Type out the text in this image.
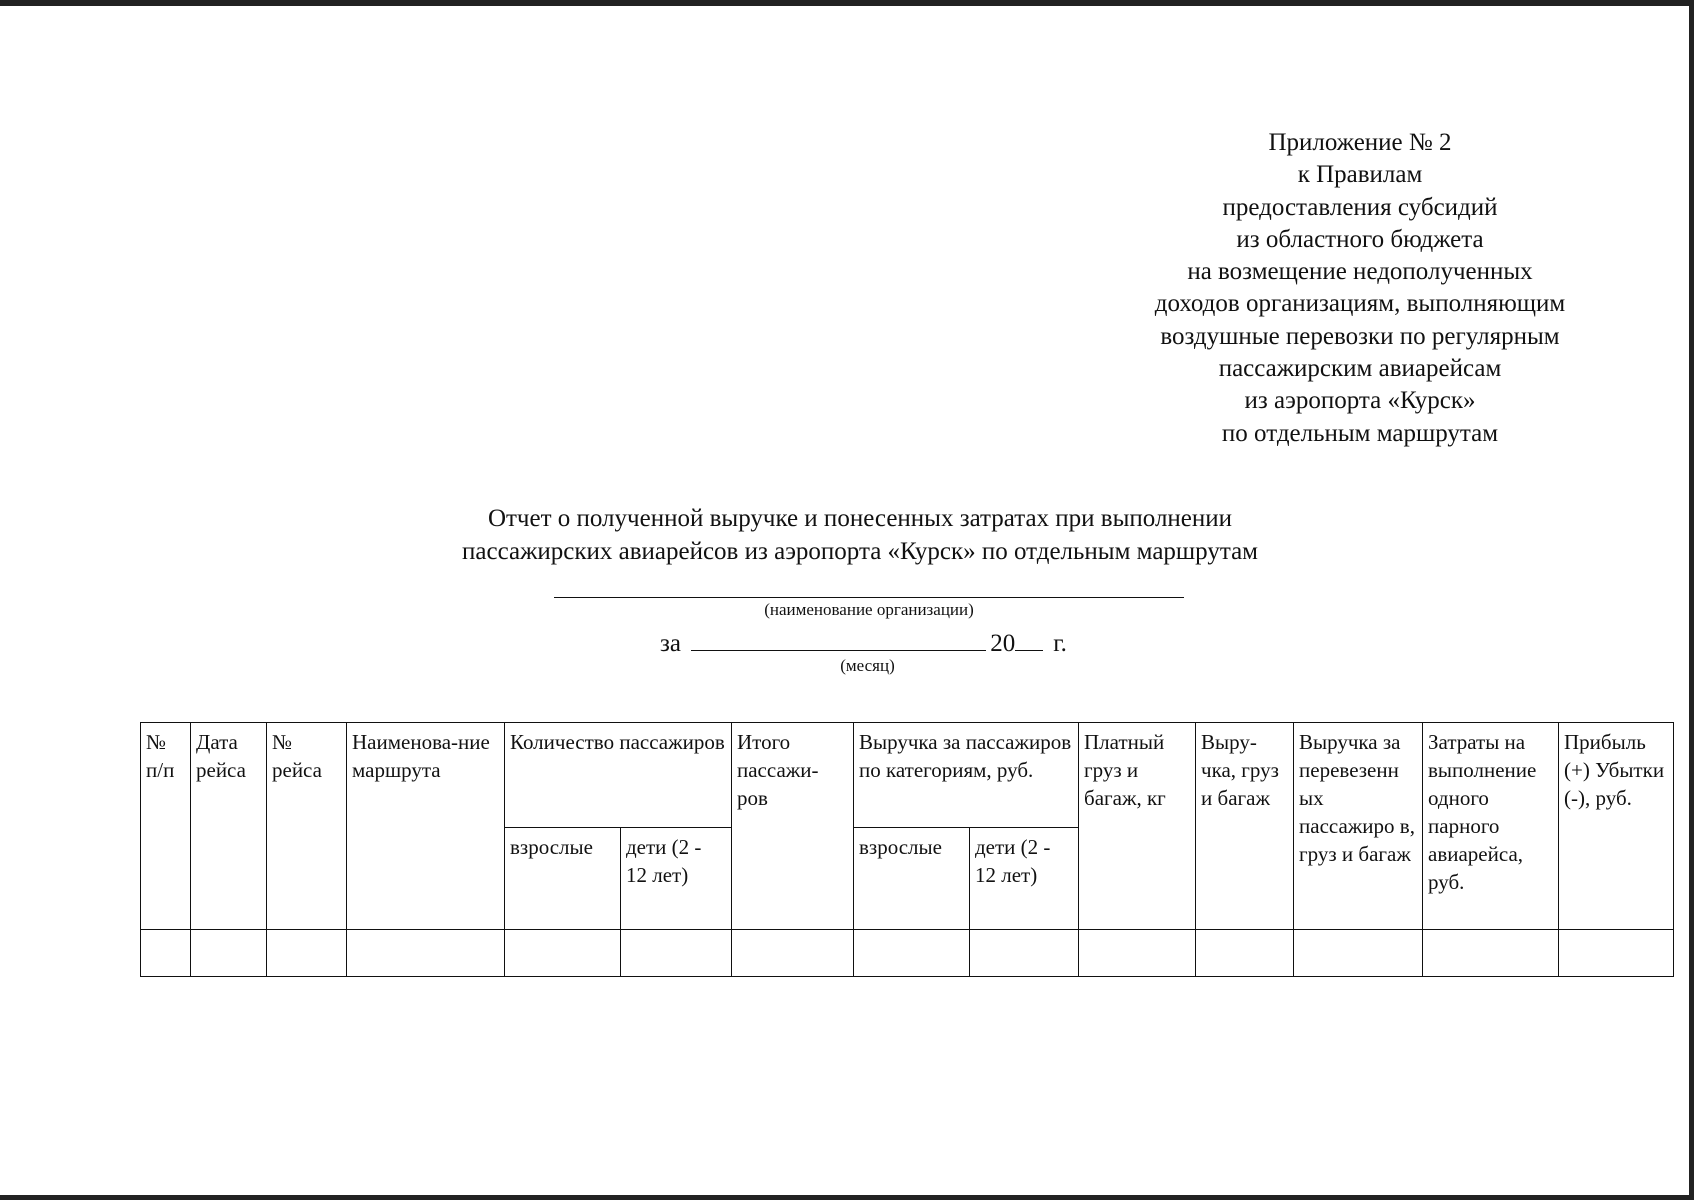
Приложение № 2
к Правилам
предоставления субсидий
из областного бюджета
на возмещение недополученных
доходов организациям, выполняющим
воздушные перевозки по регулярным
пассажирским авиарейсам
из аэропорта «Курск»
по отдельным маршрутам
Отчет о полученной выручке и понесенных затратах при выполнении
пассажирских авиарейсов из аэропорта «Курск» по отдельным маршрутам
(наименование организации)
за	20 г.
(месяц)
№ п/п	Дата рейса	№ рейса	Наименова-ние маршрута	Количество пассажиров		Итого пассажи-ров	Выручка за пассажиров по категориям, руб.		Платный груз и багаж, кг	Выру-чка, груз и багаж	Выручка за перевезенн ых пассажиро в, груз и багаж	Затраты на выполнение одного парного авиарейса, руб.	Прибыль (+) Убытки (-), руб.
				взрослые	дети (2 - 12 лет)		взрослые	дети (2 - 12 лет)					
